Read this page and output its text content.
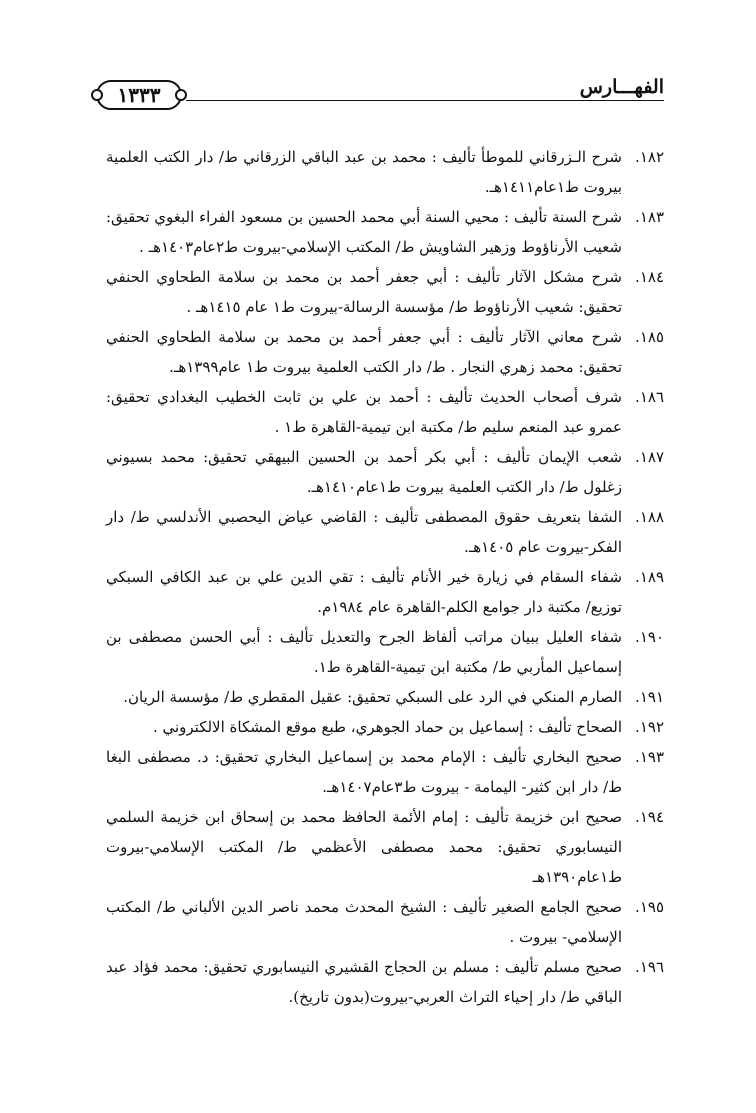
الفهـــارس
١٣٣٣
١٨٢.
شرح الـزرقاني للموطأ تأليف : محمد بن عبد الباقي الزرقاني ط/ دار الكتب العلمية بيروت ط١عام١٤١١هـ.
١٨٣.
شرح السنة تأليف : محيي السنة أبي محمد الحسين بن مسعود الفراء البغوي تحقيق: شعيب الأرناؤوط وزهير الشاويش ط/ المكتب الإسلامي-بيروت ط٢عام١٤٠٣هـ .
١٨٤.
شرح مشكل الآثار تأليف : أبي جعفر أحمد بن محمد بن سلامة الطحاوي الحنفي تحقيق: شعيب الأرناؤوط ط/ مؤسسة الرسالة-بيروت ط١ عام ١٤١٥هـ .
١٨٥.
شرح معاني الآثار تأليف : أبي جعفر أحمد بن محمد بن سلامة الطحاوي الحنفي تحقيق: محمد زهري النجار . ط/ دار الكتب العلمية بيروت ط١ عام١٣٩٩هـ.
١٨٦.
شرف أصحاب الحديث تأليف : أحمد بن علي بن ثابت الخطيب البغدادي تحقيق: عمرو عبد المنعم سليم ط/ مكتبة ابن تيمية-القاهرة ط١ .
١٨٧.
شعب الإيمان تأليف : أبي بكر أحمد بن الحسين البيهقي تحقيق: محمد بسيوني زغلول ط/ دار الكتب العلمية بيروت ط١عام١٤١٠هـ.
١٨٨.
الشفا بتعريف حقوق المصطفى تأليف : القاضي عياض اليحصبي الأندلسي ط/ دار الفكر-بيروت عام ١٤٠٥هـ.
١٨٩.
شفاء السقام في زيارة خير الأنام تأليف : تقي الدين علي بن عبد الكافي السبكي توزيع/ مكتبة دار جوامع الكلم-القاهرة عام ١٩٨٤م.
١٩٠.
شفاء العليل ببيان مراتب ألفاظ الجرح والتعديل تأليف : أبي الحسن مصطفى بن إسماعيل المأربي ط/ مكتبة ابن تيمية-القاهرة ط١.
١٩١.
الصارم المنكي في الرد على السبكي تحقيق: عقيل المقطري ط/ مؤسسة الريان.
١٩٢.
الصحاح تأليف : إسماعيل بن حماد الجوهري، طبع موقع المشكاة الالكتروني .
١٩٣.
صحيح البخاري تأليف : الإمام محمد بن إسماعيل البخاري تحقيق: د. مصطفى البغا ط/ دار ابن كثير- اليمامة - بيروت ط٣عام١٤٠٧هـ.
١٩٤.
صحيح ابن خزيمة تأليف : إمام الأئمة الحافظ محمد بن إسحاق ابن خزيمة السلمي النيسابوري تحقيق: محمد مصطفى الأعظمي ط/ المكتب الإسلامي-بيروت ط١عام١٣٩٠هـ
١٩٥.
صحيح الجامع الصغير تأليف : الشيخ المحدث محمد ناصر الدين الألباني ط/ المكتب الإسلامي- بيروت .
١٩٦.
صحيح مسلم تأليف : مسلم بن الحجاج القشيري النيسابوري تحقيق: محمد فؤاد عبد الباقي ط/ دار إحياء التراث العربي-بيروت(بدون تاريخ).
